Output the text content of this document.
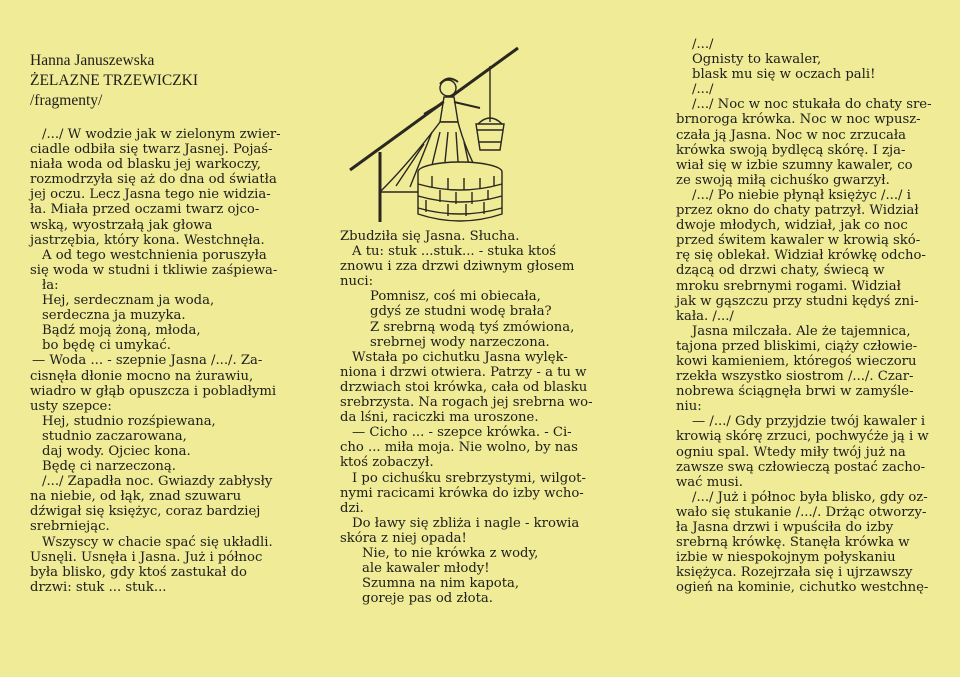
Hanna Januszewska
ŻELAZNE TRZEWICZKI
/fragmenty/
/.../ W wodzie jak w zielonym zwier-
ciadle odbiła się twarz Jasnej. Pojaś-
niała woda od blasku jej warkoczy,
rozmodrzyła się aż do dna od światła
jej oczu. Lecz Jasna tego nie widzia-
ła. Miała przed oczami twarz ojco-
wską, wyostrzałą jak głowa
jastrzębia, który kona. Westchnęła.
A od tego westchnienia poruszyła
się woda w studni i tkliwie zaśpiewa-
ła:
Hej, serdecznam ja woda,
serdeczna ja muzyka.
Bądź moją żoną, młoda,
bo będę ci umykać.
— Woda ... - szepnie Jasna /.../. Za-
cisnęła dłonie mocno na żurawiu,
wiadro w głąb opuszcza i pobladłymi
usty szepce:
Hej, studnio rozśpiewana,
studnio zaczarowana,
daj wody. Ojciec kona.
Będę ci narzeczoną.
/.../ Zapadła noc. Gwiazdy zabłysły
na niebie, od łąk, znad szuwaru
dźwigał się księżyc, coraz bardziej
srebrniejąc.
Wszyscy w chacie spać się układli.
Usnęli. Usnęła i Jasna. Już i północ
była blisko, gdy ktoś zastukał do
drzwi: stuk ... stuk...
Zbudziła się Jasna. Słucha.
A tu: stuk ...stuk... - stuka ktoś
znowu i zza drzwi dziwnym głosem
nuci:
Pomnisz, coś mi obiecała,
gdyś ze studni wodę brała?
Z srebrną wodą tyś zmówiona,
srebrnej wody narzeczona.
Wstała po cichutku Jasna wylęk-
niona i drzwi otwiera. Patrzy - a tu w
drzwiach stoi krówka, cała od blasku
srebrzysta. Na rogach jej srebrna wo-
da lśni, raciczki ma uroszone.
— Cicho ... - szepce krówka. - Ci-
cho ... miła moja. Nie wolno, by nas
ktoś zobaczył.
I po cichuśku srebrzystymi, wilgot-
nymi racicami krówka do izby wcho-
dzi.
Do ławy się zbliża i nagle - krowia
skóra z niej opada!
Nie, to nie krówka z wody,
ale kawaler młody!
Szumna na nim kapota,
goreje pas od złota.
/.../
Ognisty to kawaler,
blask mu się w oczach pali!
/.../
/.../ Noc w noc stukała do chaty sre-
brnoroga krówka. Noc w noc wpusz-
czała ją Jasna. Noc w noc zrzucała
krówka swoją bydlęcą skórę. I zja-
wiał się w izbie szumny kawaler, co
ze swoją miłą cichuśko gwarzył.
/.../ Po niebie płynął księżyc /.../ i
przez okno do chaty patrzył. Widział
dwoje młodych, widział, jak co noc
przed świtem kawaler w krowią skó-
rę się oblekał. Widział krówkę odcho-
dzącą od drzwi chaty, świecą w
mroku srebrnymi rogami. Widział
jak w gąszczu przy studni kędyś zni-
kała. /.../
Jasna milczała. Ale że tajemnica,
tajona przed bliskimi, ciąży człowie-
kowi kamieniem, któregoś wieczoru
rzekła wszystko siostrom /.../. Czar-
nobrewa ściągnęła brwi w zamyśle-
niu:
— /.../ Gdy przyjdzie twój kawaler i
krowią skórę zrzuci, pochwyćże ją i w
ogniu spal. Wtedy miły twój już na
zawsze swą człowieczą postać zacho-
wać musi.
/.../ Już i północ była blisko, gdy oz-
wało się stukanie /.../. Drżąc otworzy-
ła Jasna drzwi i wpuściła do izby
srebrną krówkę. Stanęła krówka w
izbie w niespokojnym połyskaniu
księżyca. Rozejrzała się i ujrzawszy
ogień na kominie, cichutko westchnę-
